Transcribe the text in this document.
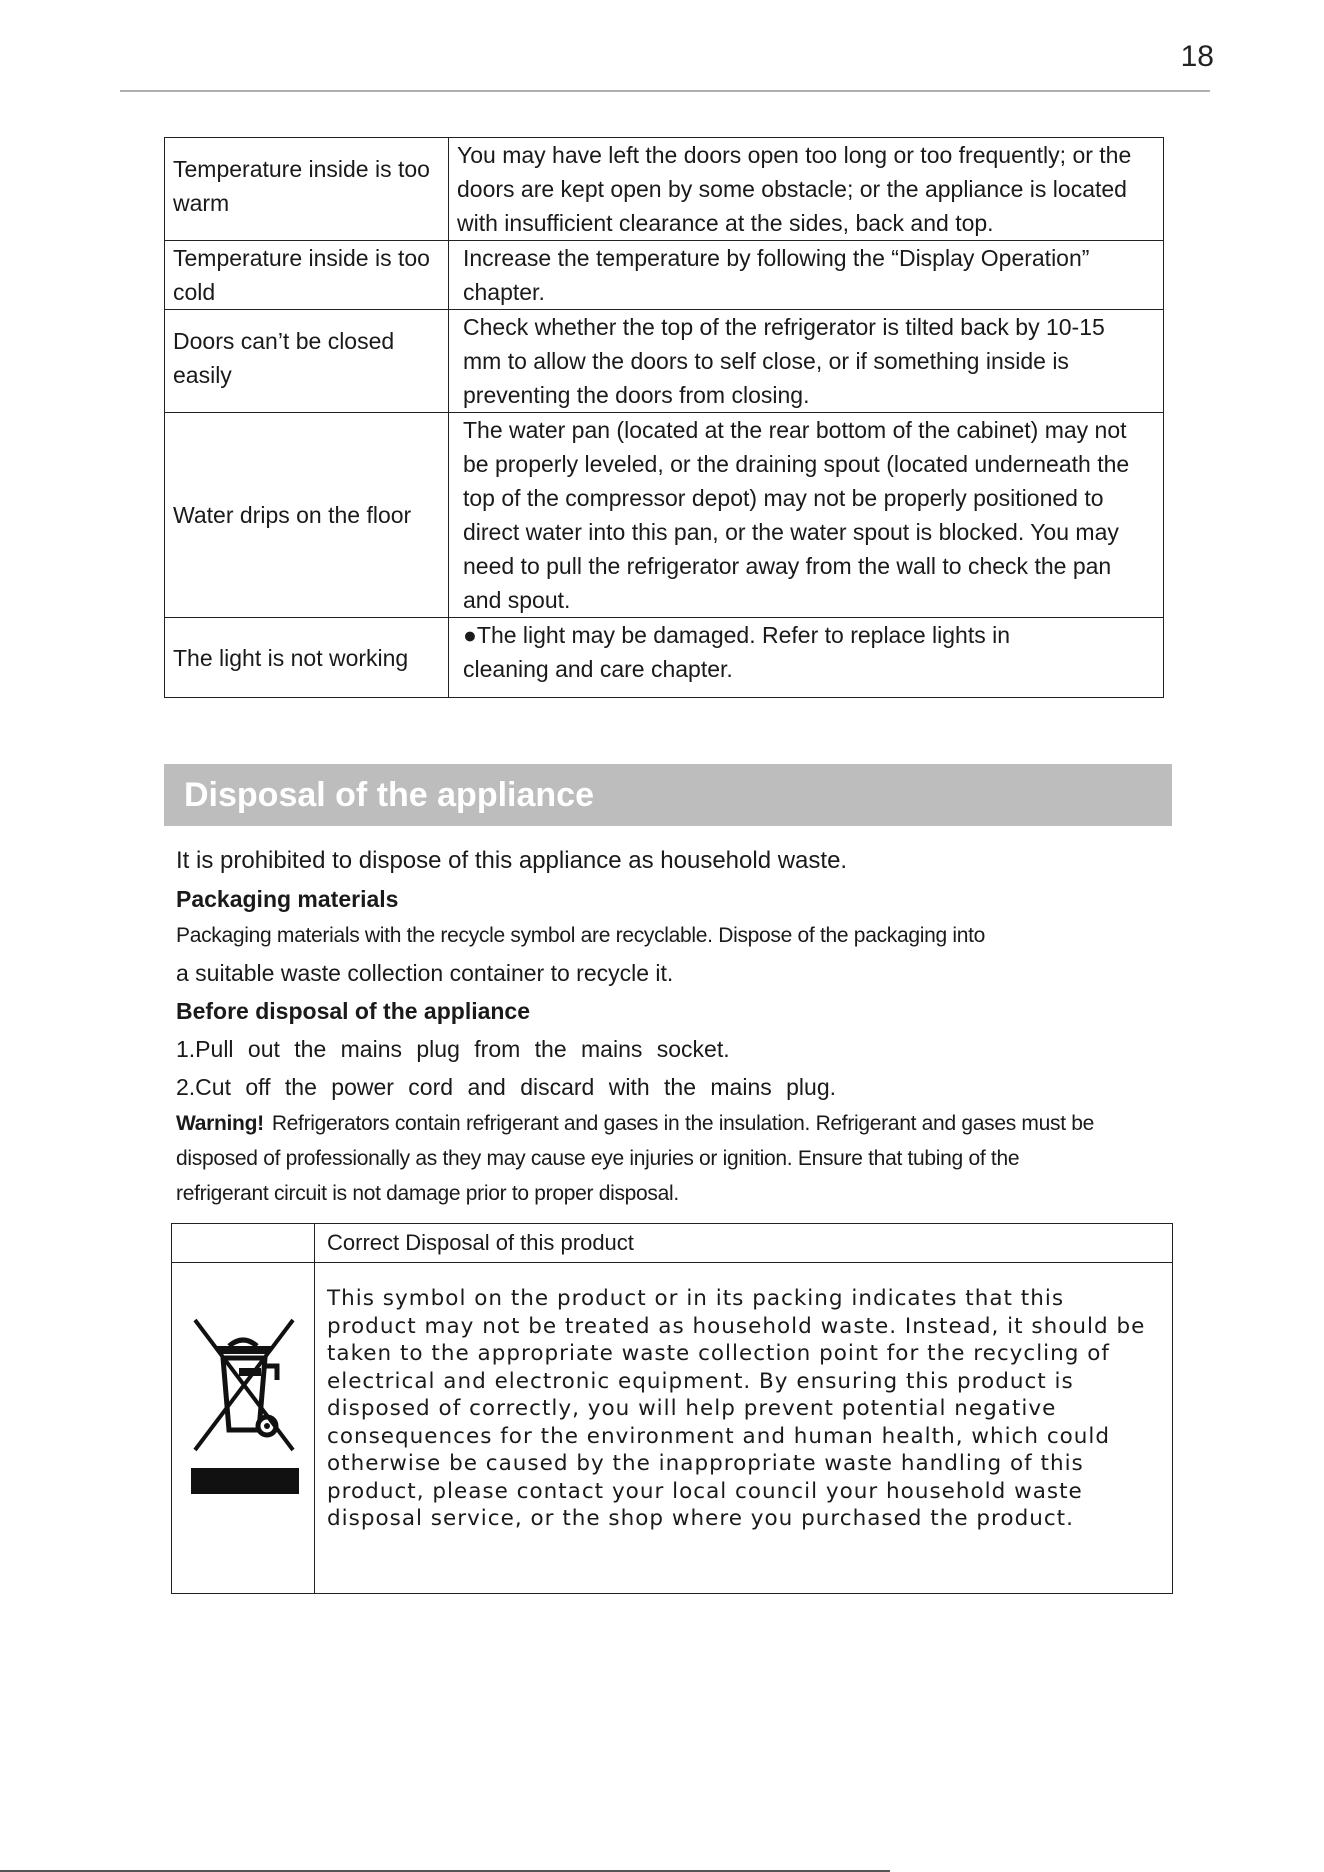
18
Temperature inside is too warm	You may have left the doors open too long or too frequently; or the doors are kept open by some obstacle; or the appliance is located with insufficient clearance at the sides, back and top.
Temperature inside is too cold	Increase the temperature by following the “Display Operation” chapter.
Doors can’t be closed easily	Check whether the top of the refrigerator is tilted back by 10-15 mm to allow the doors to self close, or if something inside is preventing the doors from closing.
Water drips on the floor	The water pan (located at the rear bottom of the cabinet) may not be properly leveled, or the draining spout (located underneath the top of the compressor depot) may not be properly positioned to direct water into this pan, or the water spout is blocked. You may need to pull the refrigerator away from the wall to check the pan and spout.
The light is not working	●The light may be damaged. Refer to replace lights in cleaning and care chapter.
Disposal of the appliance

It is prohibited to dispose of this appliance as household waste.

Packaging materials

Packaging materials with the recycle symbol are recyclable. Dispose of the packaging into

a suitable waste collection container to recycle it.

Before disposal of the appliance

1.Pull out the mains plug from the mains socket.

2.Cut off the power cord and discard with the mains plug.

Warning! Refrigerators contain refrigerant and gases in the insulation. Refrigerant and gases must be disposed of professionally as they may cause eye injuries or ignition. Ensure that tubing of the refrigerant circuit is not damage prior to proper disposal.

	Correct Disposal of this product

	This symbol on the product or in its packing indicates that this product may not be treated as household waste. Instead, it should be taken to the appropriate waste collection point for the recycling of electrical and electronic equipment. By ensuring this product is disposed of correctly, you will help prevent potential negative consequences for the environment and human health, which could otherwise be caused by the inappropriate waste handling of this product, please contact your local council your household waste disposal service, or the shop where you purchased the product.
